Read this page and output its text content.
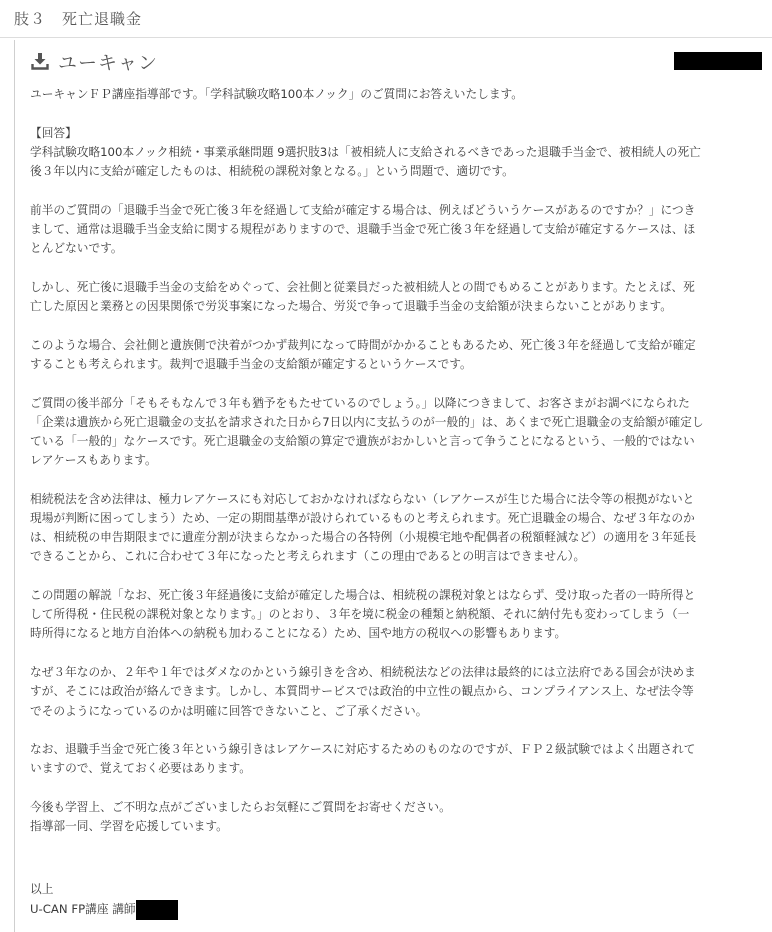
肢３　死亡退職金
ユーキャン
ユーキャンＦＰ講座指導部です。「学科試験攻略100本ノック」のご質問にお答えいたします。
【回答】
学科試験攻略100本ノック相続・事業承継問題 9選択肢3は「被相続人に支給されるべきであった退職手当金で、被相続人の死亡
後３年以内に支給が確定したものは、相続税の課税対象となる。」という問題で、適切です。
前半のご質問の「退職手当金で死亡後３年を経過して支給が確定する場合は、例えばどういうケースがあるのですか？」につき
まして、通常は退職手当金支給に関する規程がありますので、退職手当金で死亡後３年を経過して支給が確定するケースは、ほ
とんどないです。
しかし、死亡後に退職手当金の支給をめぐって、会社側と従業員だった被相続人との間でもめることがあります。たとえば、死
亡した原因と業務との因果関係で労災事案になった場合、労災で争って退職手当金の支給額が決まらないことがあります。
このような場合、会社側と遺族側で決着がつかず裁判になって時間がかかることもあるため、死亡後３年を経過して支給が確定
することも考えられます。裁判で退職手当金の支給額が確定するというケースです。
ご質問の後半部分「そもそもなんで３年も猶予をもたせているのでしょう。」以降につきまして、お客さまがお調べになられた
「企業は遺族から死亡退職金の支払を請求された日から7日以内に支払うのが一般的」は、あくまで死亡退職金の支給額が確定し
ている「一般的」なケースです。死亡退職金の支給額の算定で遺族がおかしいと言って争うことになるという、一般的ではない
レアケースもあります。
相続税法を含め法律は、極力レアケースにも対応しておかなければならない（レアケースが生じた場合に法令等の根拠がないと
現場が判断に困ってしまう）ため、一定の期間基準が設けられているものと考えられます。死亡退職金の場合、なぜ３年なのか
は、相続税の申告期限までに遺産分割が決まらなかった場合の各特例（小規模宅地や配偶者の税額軽減など）の適用を３年延長
できることから、これに合わせて３年になったと考えられます（この理由であるとの明言はできません）。
この問題の解説「なお、死亡後３年経過後に支給が確定した場合は、相続税の課税対象とはならず、受け取った者の一時所得と
して所得税・住民税の課税対象となります。」のとおり、３年を境に税金の種類と納税額、それに納付先も変わってしまう（一
時所得になると地方自治体への納税も加わることになる）ため、国や地方の税収への影響もあります。
なぜ３年なのか、２年や１年ではダメなのかという線引きを含め、相続税法などの法律は最終的には立法府である国会が決めま
すが、そこには政治が絡んできます。しかし、本質問サービスでは政治的中立性の観点から、コンプライアンス上、なぜ法令等
でそのようになっているのかは明確に回答できないこと、ご了承ください。
なお、退職手当金で死亡後３年という線引きはレアケースに対応するためのものなのですが、ＦＰ２級試験ではよく出題されて
いますので、覚えておく必要はあります。
今後も学習上、ご不明な点がございましたらお気軽にご質問をお寄せください。
指導部一同、学習を応援しています。
以上
U-CAN FP講座 講師
